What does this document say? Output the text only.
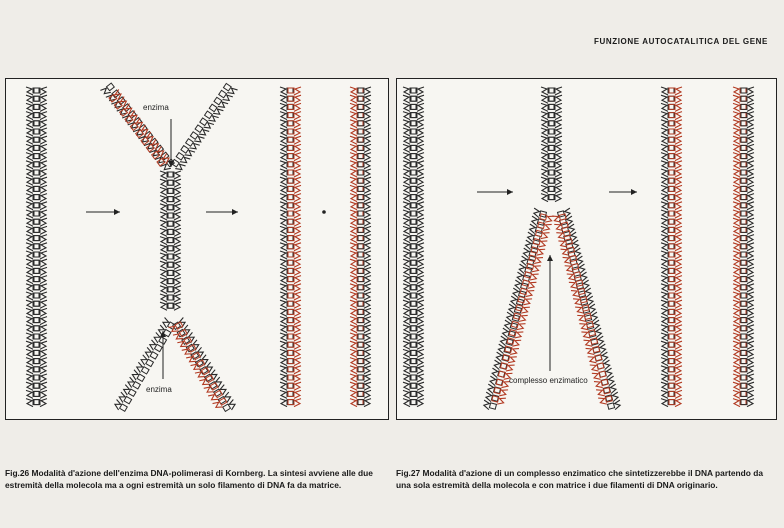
FUNZIONE AUTOCATALITICA DEL GENE
enzima
enzima
complesso enzimatico
Fig.26 Modalità d'azione dell'enzima DNA-polimerasi di Kornberg. La sintesi avviene alle due estremità della molecola ma a ogni estremità un solo filamento di DNA fa da matrice.
Fig.27 Modalità d'azione di un complesso enzimatico che sintetizzerebbe il DNA partendo da una sola estremità della molecola e con matrice i due filamenti di DNA originario.
